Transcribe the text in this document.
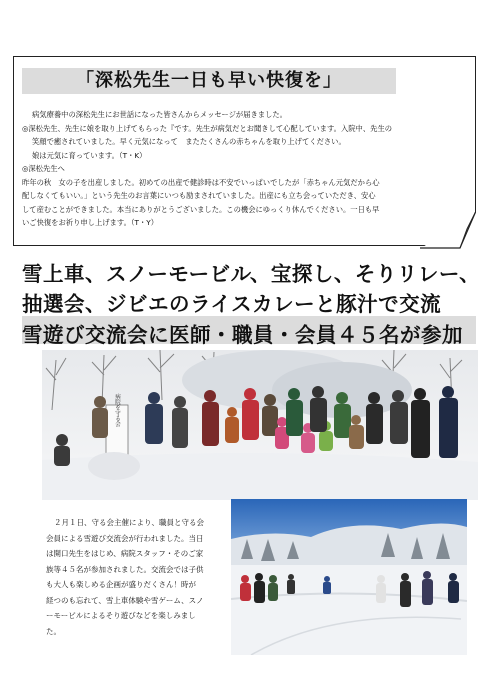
「深松先生一日も早い快復を」
病気療養中の深松先生にお世話になった皆さんからメッセージが届きました。
◎深松先生、先生に娘を取り上げてもらった『です。先生が病気だとお聞きして心配しています。入院中、先生の
笑顔で癒されていました。早く元気になって　またたくさんの赤ちゃんを取り上げてください。
娘は元気に育っています。（T・K）
◎深松先生へ
昨年の秋　女の子を出産しました。初めての出産で健診時は不安でいっぱいでしたが「赤ちゃん元気だから心
配しなくてもいい。」という先生のお言葉にいつも励まされていました。出産にも立ち会っていただき、安心
して産むことができました。本当にありがとうございました。この機会にゆっくり休んでください。一日も早
いご快復をお祈り申し上げます。（T・Y）
雪上車、スノーモービル、宝探し、そりリレー、
抽選会、ジビエのライスカレーと豚汁で交流
雪遊び交流会に医師・職員・会員４５名が参加
病院を守る会
２月１日、守る会主催により、職員と守る会
会員による雪遊び交流会が行われました。当日
は開口先生をはじめ、病院スタッフ・そのご家
族等４５名が参加されました。交流会では子供
も大人も楽しめる企画が盛りだくさん！時が
経つのも忘れて、雪上車体験や雪ゲーム、スノ
ーモービルによるそり遊びなどを楽しみまし
た。
